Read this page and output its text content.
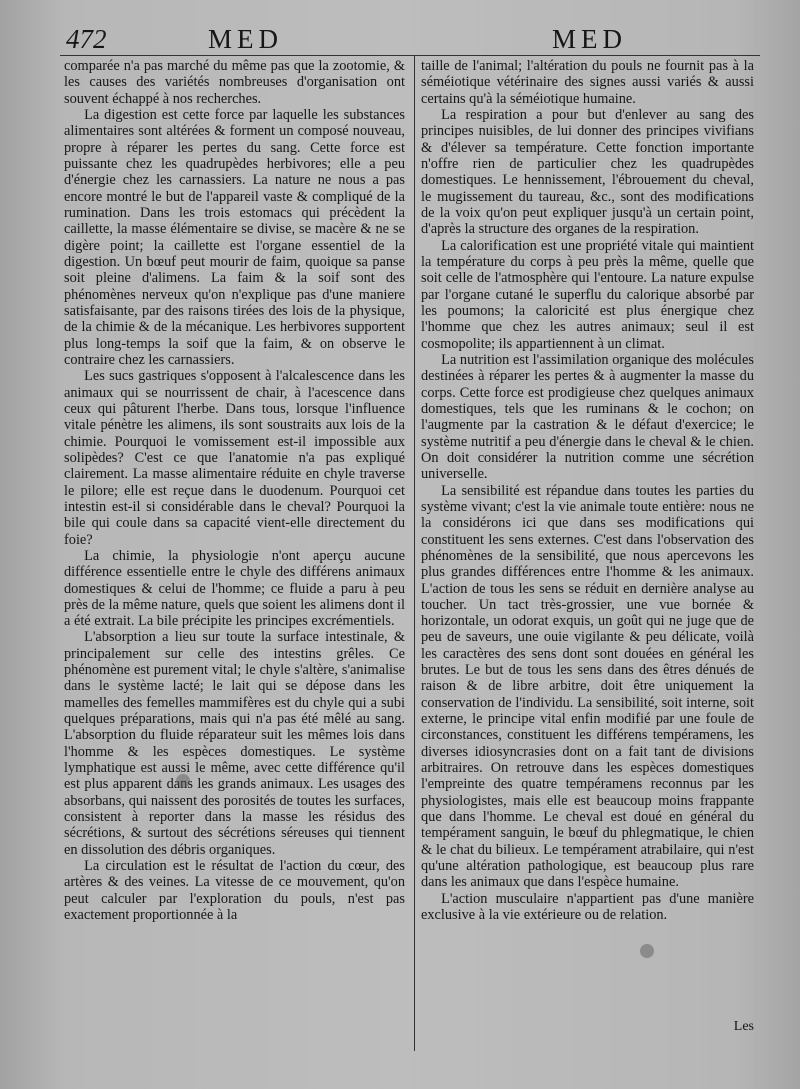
472	MED	MED

comparée n'a pas marché du même pas que la zootomie, & les causes des variétés nombreuses d'organisation ont souvent échappé à nos recherches.

La digestion est cette force par laquelle les substances alimentaires sont altérées & forment un composé nouveau, propre à réparer les pertes du sang. Cette force est puissante chez les quadrupèdes herbivores; elle a peu d'énergie chez les carnassiers. La nature ne nous a pas encore montré le but de l'appareil vaste & compliqué de la rumination. Dans les trois estomacs qui précèdent la caillette, la masse élémentaire se divise, se macère & ne se digère point; la caillette est l'organe essentiel de la digestion. Un bœuf peut mourir de faim, quoique sa panse soit pleine d'alimens. La faim & la soif sont des phénomènes nerveux qu'on n'explique pas d'une maniere satisfaisante, par des raisons tirées des lois de la physique, de la chimie & de la mécanique. Les herbivores supportent plus long-temps la soif que la faim, & on observe le contraire chez les carnassiers.

Les sucs gastriques s'opposent à l'alcalescence dans les animaux qui se nourrissent de chair, à l'acescence dans ceux qui pâturent l'herbe. Dans tous, lorsque l'influence vitale pénètre les alimens, ils sont soustraits aux lois de la chimie. Pourquoi le vomissement est-il impossible aux solipèdes? C'est ce que l'anatomie n'a pas expliqué clairement. La masse alimentaire réduite en chyle traverse le pilore; elle est reçue dans le duodenum. Pourquoi cet intestin est-il si considérable dans le cheval? Pourquoi la bile qui coule dans sa capacité vient-elle directement du foie?

La chimie, la physiologie n'ont aperçu aucune différence essentielle entre le chyle des différens animaux domestiques & celui de l'homme; ce fluide a paru à peu près de la même nature, quels que soient les alimens dont il a été extrait. La bile précipite les principes excrémentiels.

L'absorption a lieu sur toute la surface intestinale, & principalement sur celle des intestins grêles. Ce phénomène est purement vital; le chyle s'altère, s'animalise dans le système lacté; le lait qui se dépose dans les mamelles des femelles mammifères est du chyle qui a subi quelques préparations, mais qui n'a pas été mêlé au sang. L'absorption du fluide réparateur suit les mêmes lois dans l'homme & les espèces domestiques. Le système lymphatique est aussi le même, avec cette différence qu'il est plus apparent dans les grands animaux. Les usages des absorbans, qui naissent des porosités de toutes les surfaces, consistent à reporter dans la masse les résidus des sécrétions, & surtout des sécrétions séreuses qui tiennent en dissolution des débris organiques.

La circulation est le résultat de l'action du cœur, des artères & des veines. La vitesse de ce mouvement, qu'on peut calculer par l'exploration du pouls, n'est pas exactement proportionnée à la

taille de l'animal; l'altération du pouls ne fournit pas à la séméiotique vétérinaire des signes aussi variés & aussi certains qu'à la séméiotique humaine.

La respiration a pour but d'enlever au sang des principes nuisibles, de lui donner des principes vivifians & d'élever sa température. Cette fonction importante n'offre rien de particulier chez les quadrupèdes domestiques. Le hennissement, l'ébrouement du cheval, le mugissement du taureau, &c., sont des modifications de la voix qu'on peut expliquer jusqu'à un certain point, d'après la structure des organes de la respiration.

La calorification est une propriété vitale qui maintient la température du corps à peu près la même, quelle que soit celle de l'atmosphère qui l'entoure. La nature expulse par l'organe cutané le superflu du calorique absorbé par les poumons; la caloricité est plus énergique chez l'homme que chez les autres animaux; seul il est cosmopolite; ils appartiennent à un climat.

La nutrition est l'assimilation organique des molécules destinées à réparer les pertes & à augmenter la masse du corps. Cette force est prodigieuse chez quelques animaux domestiques, tels que les ruminans & le cochon; on l'augmente par la castration & le défaut d'exercice; le système nutritif a peu d'énergie dans le cheval & le chien. On doit considérer la nutrition comme une sécrétion universelle.

La sensibilité est répandue dans toutes les parties du système vivant; c'est la vie animale toute entière: nous ne la considérons ici que dans ses modifications qui constituent les sens externes. C'est dans l'observation des phénomènes de la sensibilité, que nous apercevons les plus grandes différences entre l'homme & les animaux. L'action de tous les sens se réduit en dernière analyse au toucher. Un tact très-grossier, une vue bornée & horizontale, un odorat exquis, un goût qui ne juge que de peu de saveurs, une ouie vigilante & peu délicate, voilà les caractères des sens dont sont douées en général les brutes. Le but de tous les sens dans des êtres dénués de raison & de libre arbitre, doit être uniquement la conservation de l'individu. La sensibilité, soit interne, soit externe, le principe vital enfin modifié par une foule de circonstances, constituent les différens tempéramens, les diverses idiosyncrasies dont on a fait tant de divisions arbitraires. On retrouve dans les espèces domestiques l'empreinte des quatre tempéramens reconnus par les physiologistes, mais elle est beaucoup moins frappante que dans l'homme. Le cheval est doué en général du tempérament sanguin, le bœuf du phlegmatique, le chien & le chat du bilieux. Le tempérament atrabilaire, qui n'est qu'une altération pathologique, est beaucoup plus rare dans les animaux que dans l'espèce humaine.

L'action musculaire n'appartient pas d'une manière exclusive à la vie extérieure ou de relation.

Les
